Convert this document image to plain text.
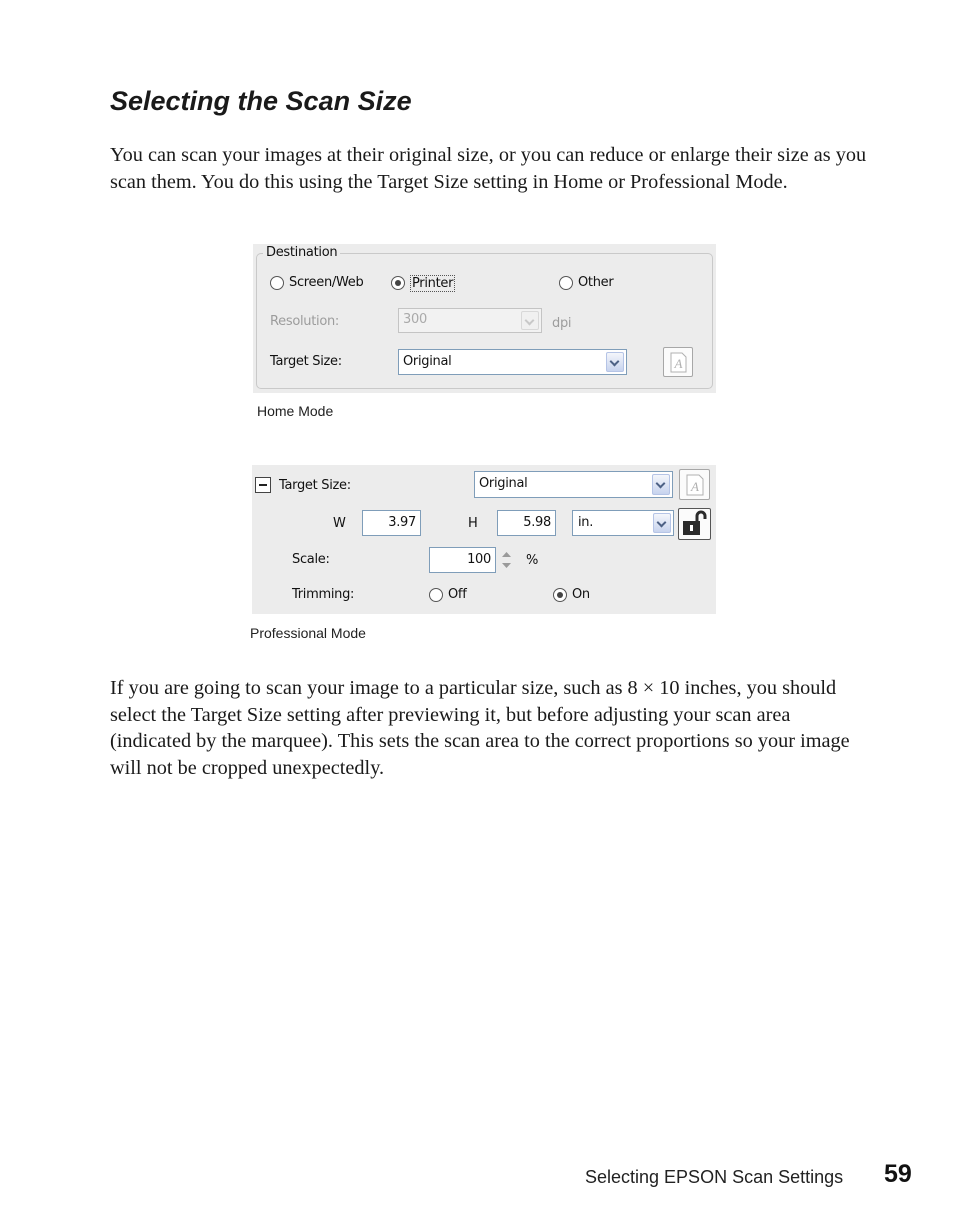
Selecting the Scan Size

You can scan your images at their original size, or you can reduce or enlarge their size as you scan them. You do this using the Target Size setting in Home or Professional Mode.

Destination
Screen/Web	Printer	Other
Resolution:	300	dpi
Target Size:	Original	A
Home Mode
Target Size:	Original	A
W	3.97	H	5.98	in.
Scale:	100	%
Trimming:	Off	On
Professional Mode

If you are going to scan your image to a particular size, such as 8 × 10 inches, you should select the Target Size setting after previewing it, but before adjusting your scan area (indicated by the marquee). This sets the scan area to the correct proportions so your image will not be cropped unexpectedly.

Selecting EPSON Scan Settings 59
